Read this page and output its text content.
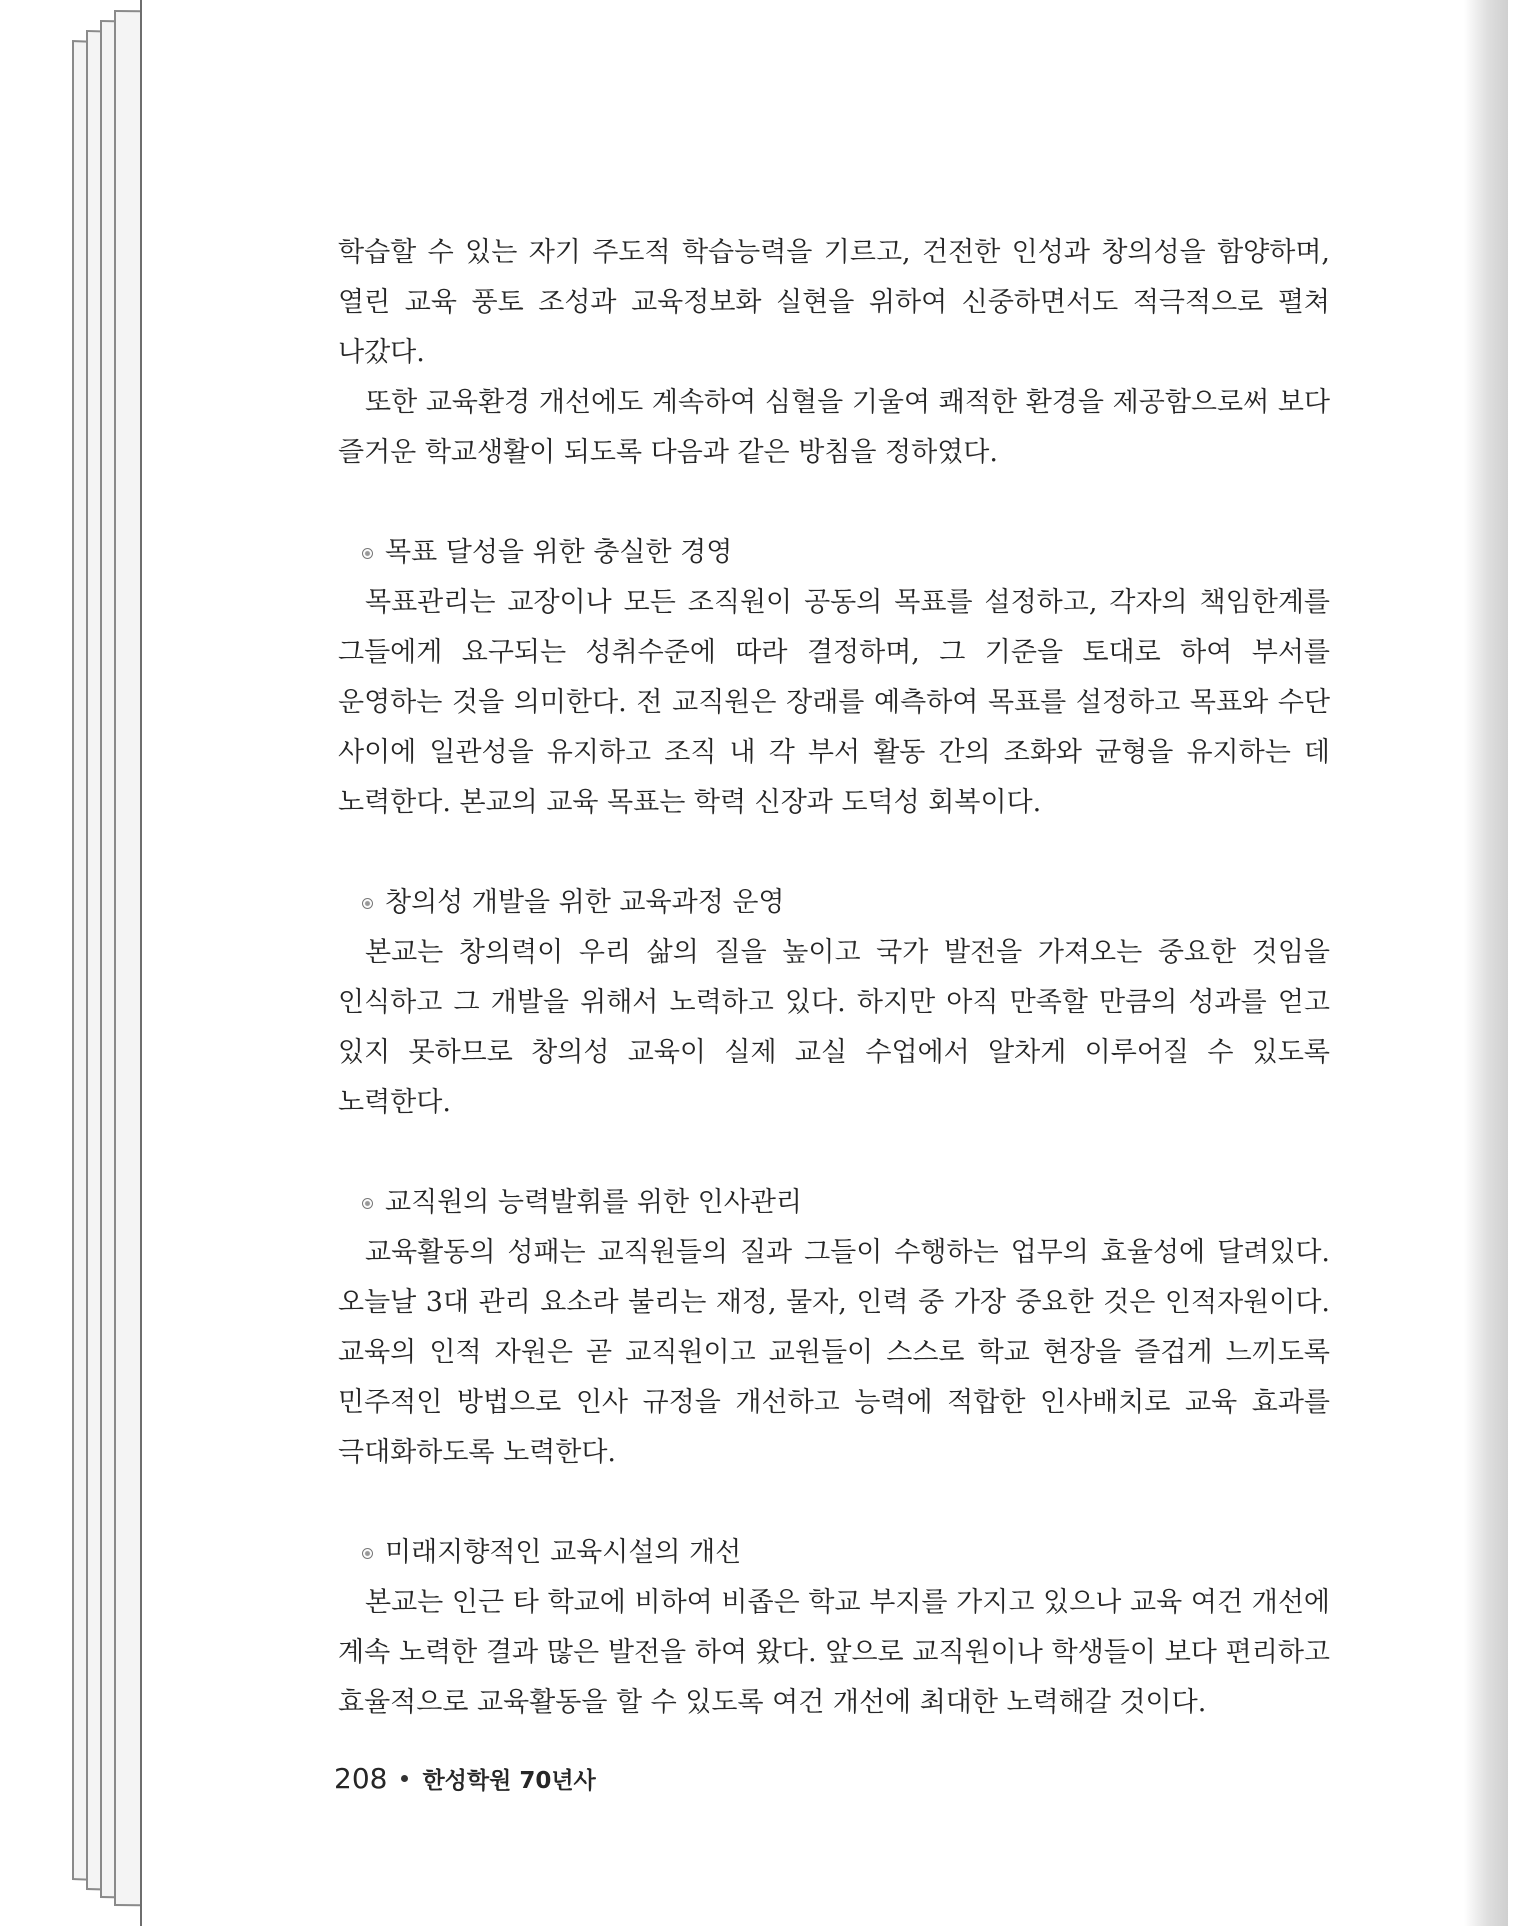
학습할 수 있는 자기 주도적 학습능력을 기르고, 건전한 인성과 창의성을 함양하며, 열린 교육 풍토 조성과 교육정보화 실현을 위하여 신중하면서도 적극적으로 펼쳐 나갔다.

또한 교육환경 개선에도 계속하여 심혈을 기울여 쾌적한 환경을 제공함으로써 보다 즐거운 학교생활이 되도록 다음과 같은 방침을 정하였다.

목표 달성을 위한 충실한 경영

목표관리는 교장이나 모든 조직원이 공동의 목표를 설정하고, 각자의 책임한계를 그들에게 요구되는 성취수준에 따라 결정하며, 그 기준을 토대로 하여 부서를 운영하는 것을 의미한다. 전 교직원은 장래를 예측하여 목표를 설정하고 목표와 수단 사이에 일관성을 유지하고 조직 내 각 부서 활동 간의 조화와 균형을 유지하는 데 노력한다. 본교의 교육 목표는 학력 신장과 도덕성 회복이다.

창의성 개발을 위한 교육과정 운영

본교는 창의력이 우리 삶의 질을 높이고 국가 발전을 가져오는 중요한 것임을 인식하고 그 개발을 위해서 노력하고 있다. 하지만 아직 만족할 만큼의 성과를 얻고 있지 못하므로 창의성 교육이 실제 교실 수업에서 알차게 이루어질 수 있도록 노력한다.

교직원의 능력발휘를 위한 인사관리

교육활동의 성패는 교직원들의 질과 그들이 수행하는 업무의 효율성에 달려있다. 오늘날 3대 관리 요소라 불리는 재정, 물자, 인력 중 가장 중요한 것은 인적자원이다. 교육의 인적 자원은 곧 교직원이고 교원들이 스스로 학교 현장을 즐겁게 느끼도록 민주적인 방법으로 인사 규정을 개선하고 능력에 적합한 인사배치로 교육 효과를 극대화하도록 노력한다.

미래지향적인 교육시설의 개선

본교는 인근 타 학교에 비하여 비좁은 학교 부지를 가지고 있으나 교육 여건 개선에 계속 노력한 결과 많은 발전을 하여 왔다. 앞으로 교직원이나 학생들이 보다 편리하고 효율적으로 교육활동을 할 수 있도록 여건 개선에 최대한 노력해갈 것이다.

208 한성학원 70년사
